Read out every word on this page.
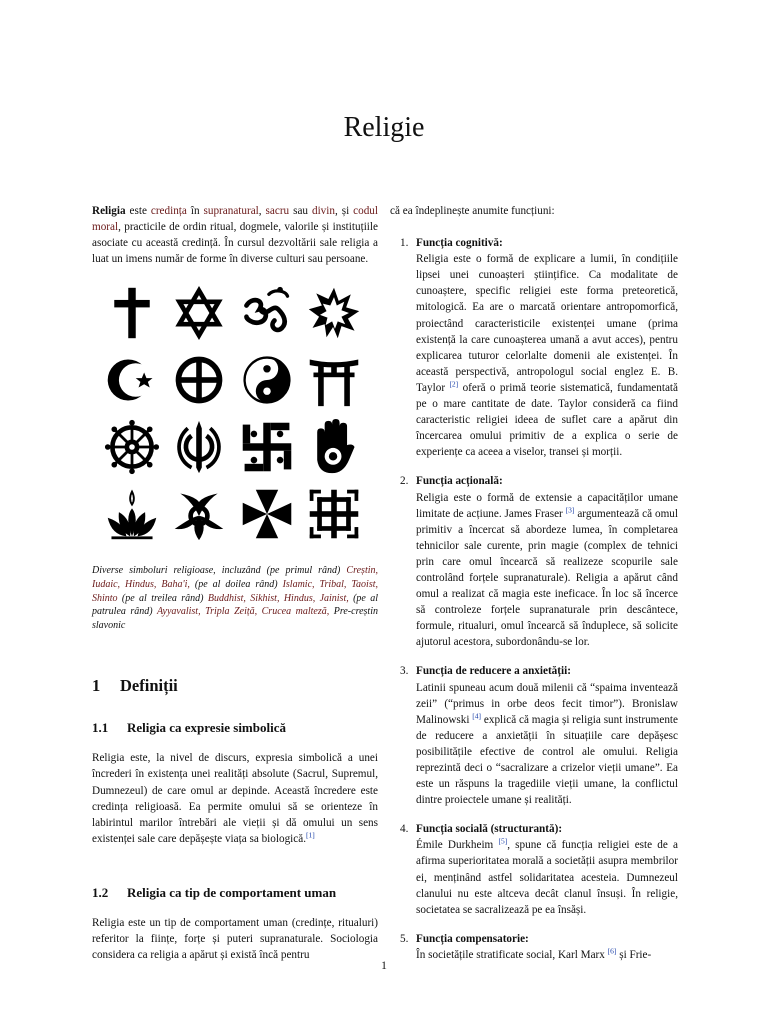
Religie

Religia este credința în supranatural, sacru sau divin, și codul moral, practicile de ordin ritual, dogmele, valorile și instituțiile asociate cu această credință. În cursul dezvoltării sale religia a luat un imens număr de forme în diverse culturi sau persoane.

Diverse simboluri religioase, incluzând (pe primul rând) Creștin, Iudaic, Hindus, Baha'i, (pe al doilea rând) Islamic, Tribal, Taoist, Shinto (pe al treilea rând) Buddhist, Sikhist, Hindus, Jainist, (pe al patrulea rând) Ayyavalist, Tripla Zeiță, Crucea malteză, Pre-creștin slavonic

1 Definiții
1.1 Religia ca expresie simbolică

Religia este, la nivel de discurs, expresia simbolică a unei încrederi în existența unei realități absolute (Sacrul, Supremul, Dumnezeul) de care omul ar depinde. Această încredere este credința religioasă. Ea permite omului să se orienteze în labirintul marilor întrebări ale vieții și dă omului un sens existenței sale care depășește viața sa biologică.[1]

1.2 Religia ca tip de comportament uman

Religia este un tip de comportament uman (credințe, ritualuri) referitor la ființe, forțe și puteri supranaturale. Sociologia considera ca religia a apărut și există încă pentru

că ea îndeplinește anumite funcțiuni:

1. Funcția cognitivă:

Religia este o formă de explicare a lumii, în condițiile lipsei unei cunoașteri științifice. Ca modalitate de cunoaștere, specific religiei este forma preteoretică, mitologică. Ea are o marcată orientare antropomorfică, proiectând caracteristicile existenței umane (prima existență la care cunoașterea umană a avut acces), pentru explicarea tuturor celorlalte domenii ale existenței. În această perspectivă, antropologul social englez E. B. Taylor [2] oferă o primă teorie sistematică, fundamentată pe o mare cantitate de date. Taylor consideră ca fiind caracteristic religiei ideea de suflet care a apărut din încercarea omului primitiv de a explica o serie de experiențe ca aceea a viselor, transei și morții.

2. Funcția acțională:

Religia este o formă de extensie a capacităților umane limitate de acțiune. James Fraser [3] argumentează că omul primitiv a încercat să abordeze lumea, în completarea tehnicilor sale curente, prin magie (complex de tehnici prin care omul încearcă să realizeze scopurile sale controlând forțele supranaturale). Religia a apărut când omul a realizat că magia este ineficace. În loc să încerce să controleze forțele supranaturale prin descântece, formule, ritualuri, omul încearcă să înduplece, să solicite ajutorul acestora, subordonându-se lor.

3. Funcția de reducere a anxietății:

Latinii spuneau acum două milenii că “spaima inventează zeii” (“primus in orbe deos fecit timor”). Bronislaw Malinowski [4] explică că magia și religia sunt instrumente de reducere a anxietății în situațiile care depășesc posibilitățile efective de control ale omului. Religia reprezintă deci o “sacralizare a crizelor vieții umane”. Ea este un răspuns la tragediile vieții umane, la conflictul dintre proiectele umane și realități.

4. Funcția socială (structurantă):

Émile Durkheim [5], spune că funcția religiei este de a afirma superioritatea morală a societății asupra membrilor ei, menținând astfel solidaritatea acesteia. Dumnezeul clanului nu este altceva decât clanul însuși. În religie, societatea se sacralizează pe ea însăși.

5. Funcția compensatorie:

În societățile stratificate social, Karl Marx [6] și Frie-

1
